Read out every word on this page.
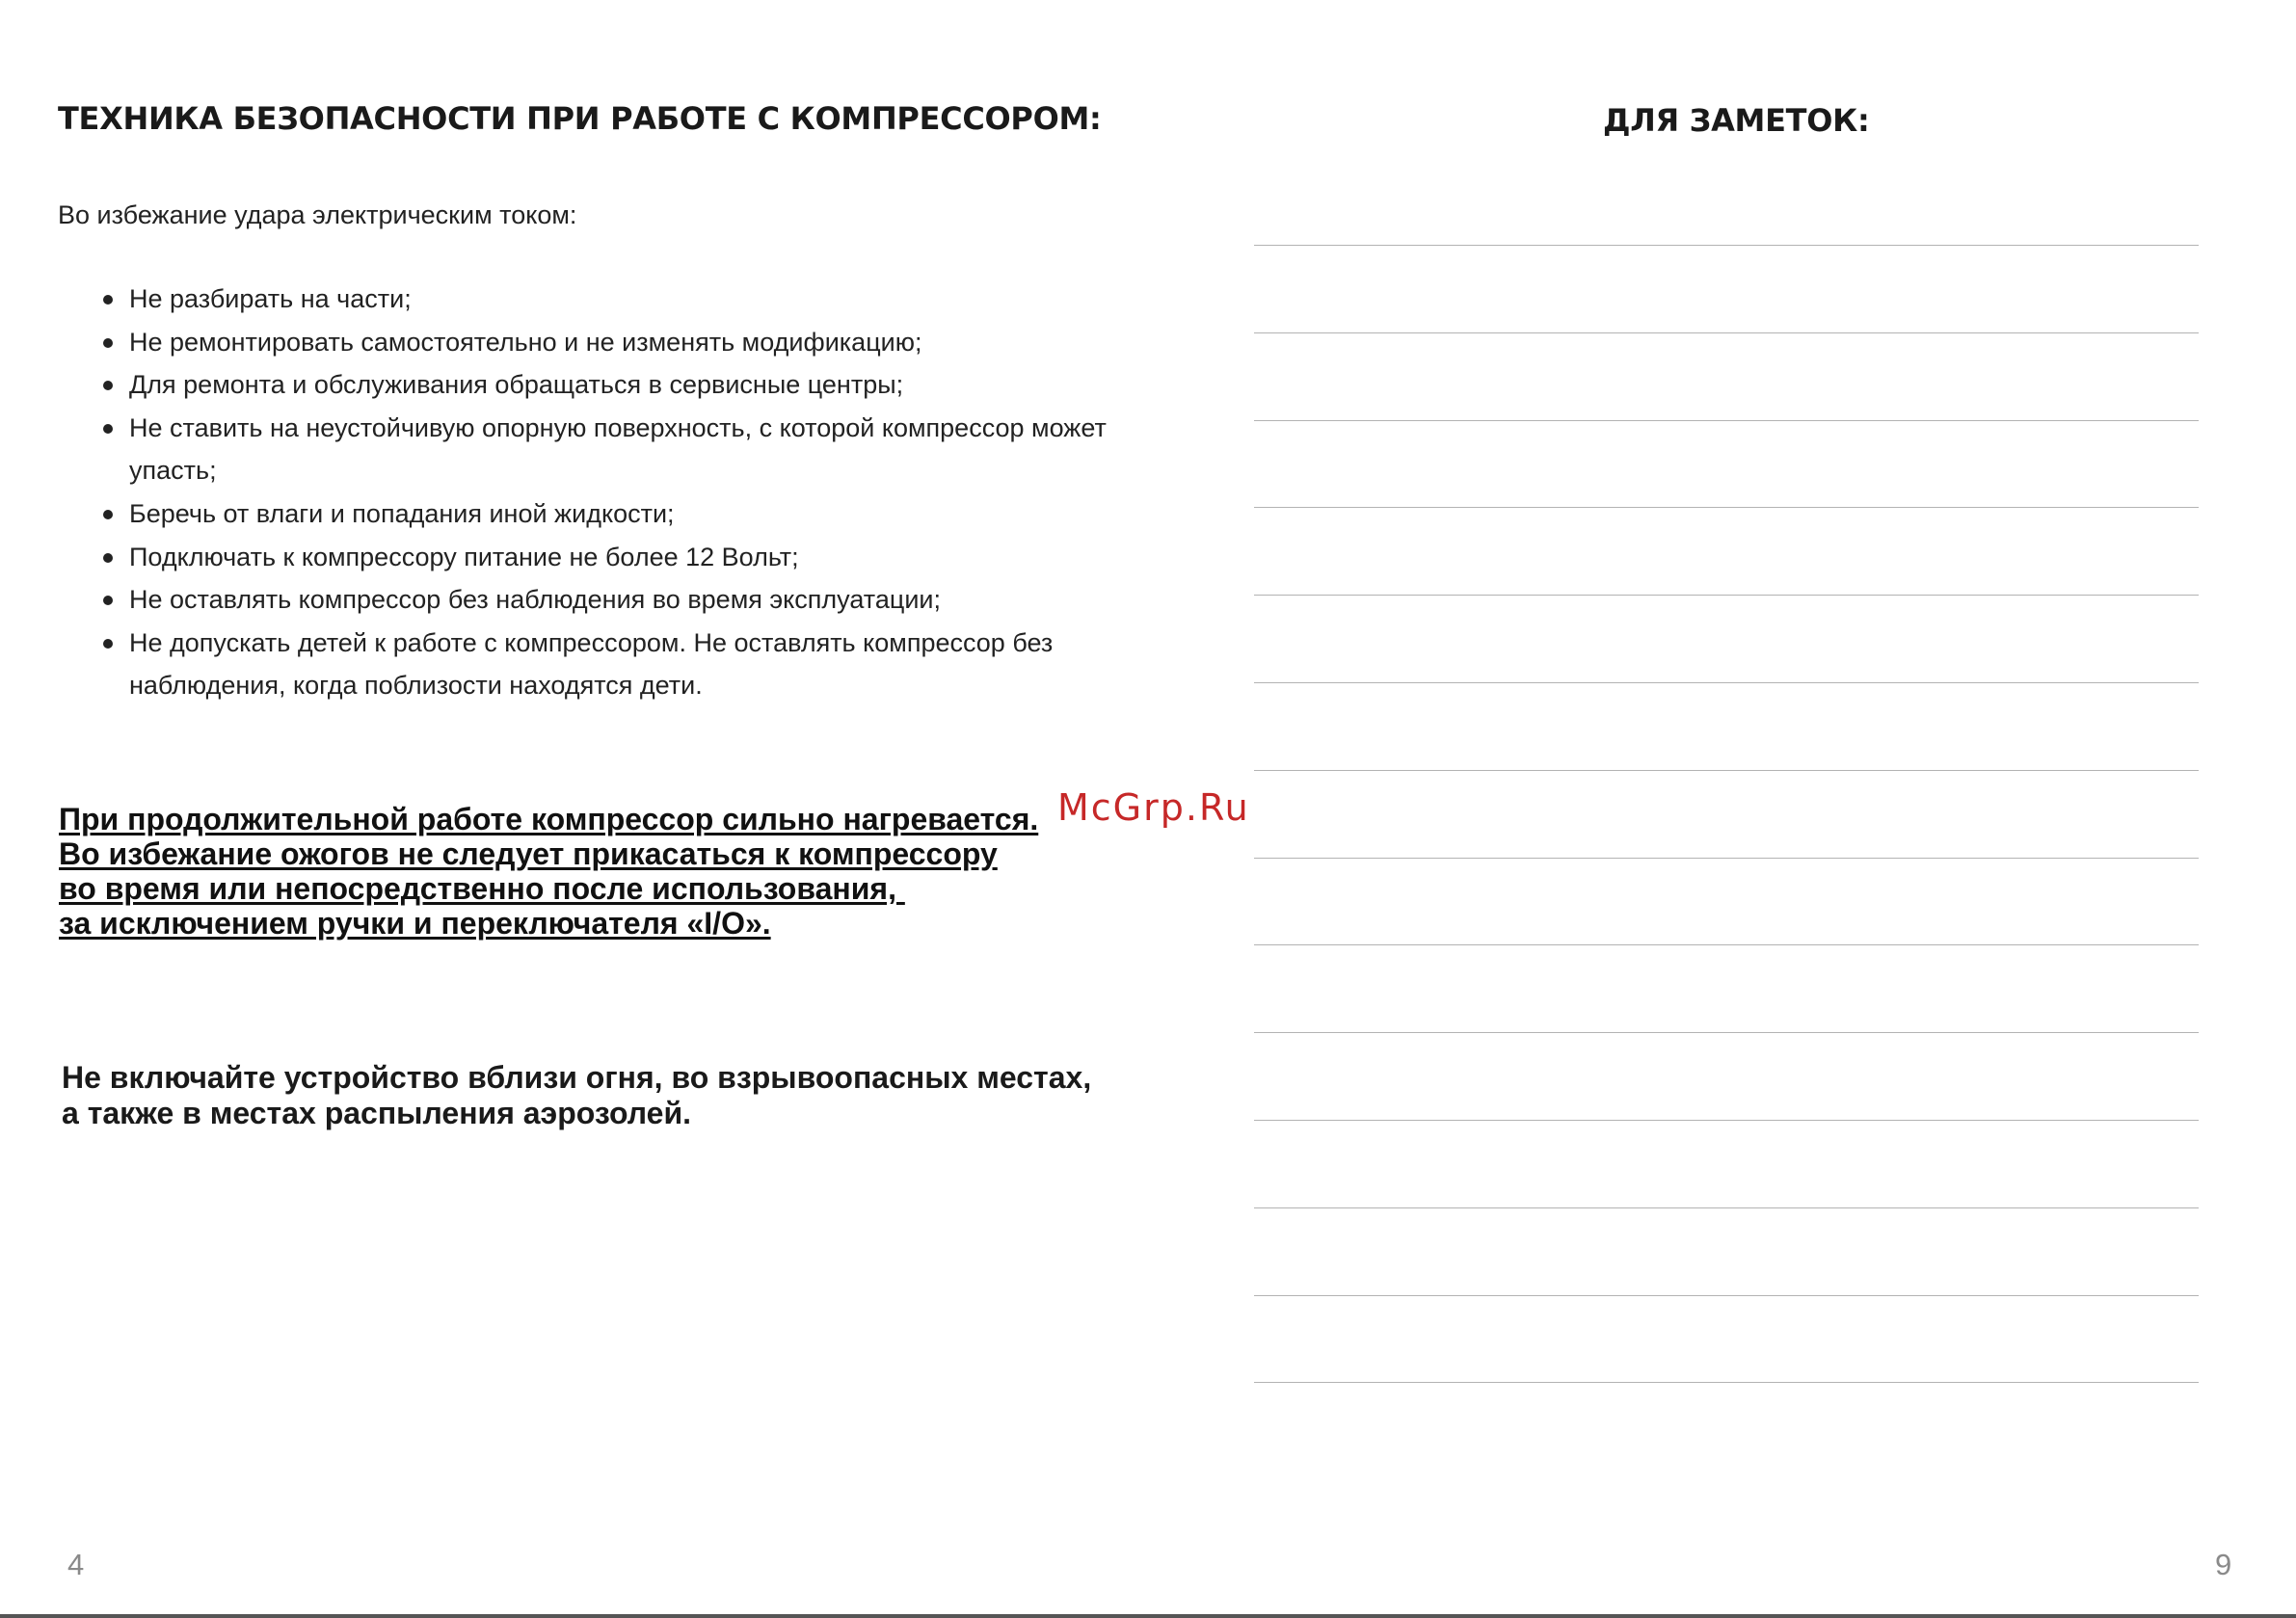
ТЕХНИКА БЕЗОПАСНОСТИ ПРИ РАБОТЕ С КОМПРЕССОРОМ:

Во избежание удара электрическим током:

Не разбирать на части;
Не ремонтировать самостоятельно и не изменять модификацию;
Для ремонта и обслуживания обращаться в сервисные центры;
Не ставить на неустойчивую опорную поверхность, с которой компрессор может упасть;
Беречь от влаги и попадания иной жидкости;
Подключать к компрессору питание не более 12 Вольт;
Не оставлять компрессор без наблюдения во время эксплуатации;
Не допускать детей к работе с компрессором. Не оставлять компрессор без наблюдения, когда поблизости находятся дети.

При продолжительной работе компрессор сильно нагревается.
Во избежание ожогов не следует прикасаться к компрессору
во время или непосредственно после использования,
за исключением ручки и переключателя «I/O».

Не включайте устройство вблизи огня, во взрывоопасных местах,
а также в местах распыления аэрозолей.

4
ДЛЯ ЗАМЕТОК:
9
McGrp.Ru
